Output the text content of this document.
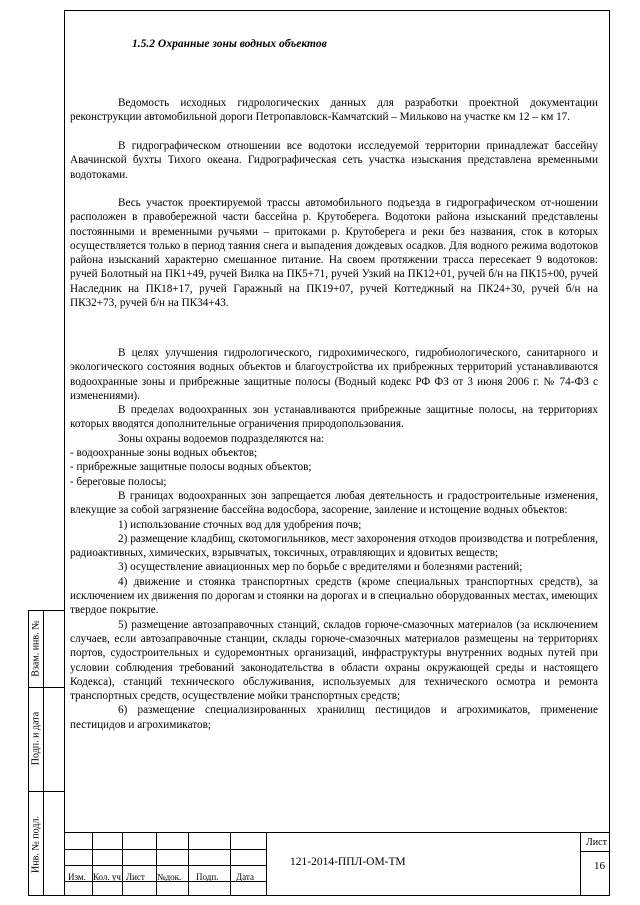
1.5.2 Охранные зоны водных объектов

Ведомость исходных гидрологических данных для разработки проектной документации реконструкции автомобильной дороги Петропавловск-Камчатский – Мильково на участке км 12 – км 17.

В гидрографическом отношении все водотоки исследуемой территории принадлежат бассейну Авачинской бухты Тихого океана. Гидрографическая сеть участка изыскания представлена временными водотоками.

Весь участок проектируемой трассы автомобильного подъезда в гидрографическом от-ношении расположен в правобережной части бассейна р. Крутоберега. Водотоки района изысканий представлены постоянными и временными ручьями – притоками р. Крутоберега и реки без названия, сток в которых осуществляется только в период таяния снега и выпадения дождевых осадков. Для водного режима водотоков района изысканий характерно смешанное питание. На своем протяжении трасса пересекает 9 водотоков: ручей Болотный на ПК1+49, ручей Вилка на ПК5+71, ручей Узкий на ПК12+01, ручей б/н на ПК15+00, ручей Наследник на ПК18+17, ручей Гаражный на ПК19+07, ручей Коттеджный на ПК24+30, ручей б/н на ПК32+73, ручей б/н на ПК34+43.

В целях улучшения гидрологического, гидрохимического, гидробиологического, санитарного и экологического состояния водных объектов и благоустройства их прибрежных территорий устанавливаются водоохранные зоны и прибрежные защитные полосы (Водный кодекс РФ ФЗ от 3 июня 2006 г. № 74-ФЗ с изменениями).

В пределах водоохранных зон устанавливаются прибрежные защитные полосы, на территориях которых вводятся дополнительные ограничения природопользования.

Зоны охраны водоемов подразделяются на:

- водоохранные зоны водных объектов;

- прибрежные защитные полосы водных объектов;

- береговые полосы;

В границах водоохранных зон запрещается любая деятельность и градостроительные изменения, влекущие за собой загрязнение бассейна водосбора, засорение, заиление и истощение водных объектов:

1) использование сточных вод для удобрения почв;

2) размещение кладбищ, скотомогильников, мест захоронения отходов производства и потребления, радиоактивных, химических, взрывчатых, токсичных, отравляющих и ядовитых веществ;

3) осуществление авиационных мер по борьбе с вредителями и болезнями растений;

4) движение и стоянка транспортных средств (кроме специальных транспортных средств), за исключением их движения по дорогам и стоянки на дорогах и в специально оборудованных местах, имеющих твердое покрытие.

5) размещение автозаправочных станций, складов горюче-смазочных материалов (за исключением случаев, если автозаправочные станции, склады горюче-смазочных материалов размещены на территориях портов, судостроительных и судоремонтных организаций, инфраструктуры внутренних водных путей при условии соблюдения требований законодательства в области охраны окружающей среды и настоящего Кодекса), станций технического обслуживания, используемых для технического осмотра и ремонта транспортных средств, осуществление мойки транспортных средств;

6) размещение специализированных хранилищ пестицидов и агрохимикатов, применение пестицидов и агрохимикатов;

Взам. инв. №
Подп. и дата
Инв. № подл.
Изм. Кол. уч Лист №док. Подп. Дата
121-2014-ППЛ-ОМ-ТМ
Лист
16
